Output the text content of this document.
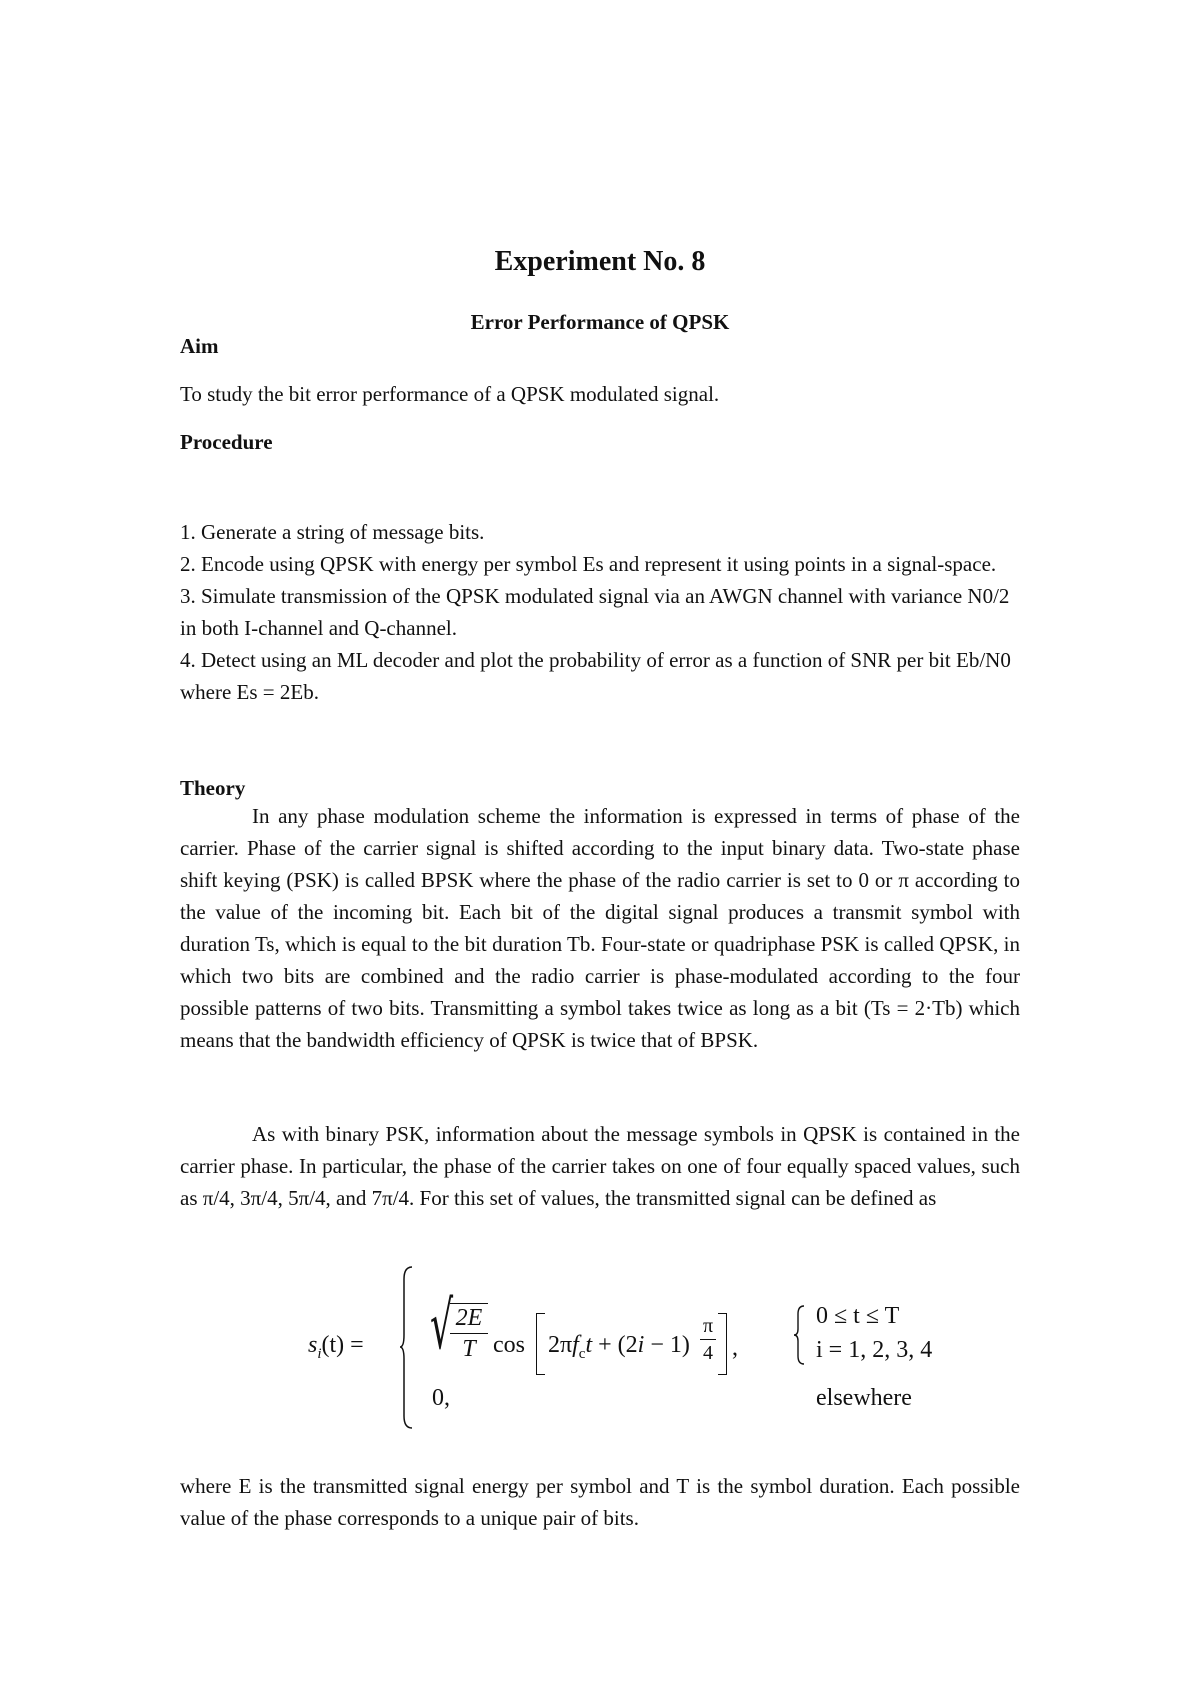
Experiment No. 8
Error Performance of QPSK
Aim
To study the bit error performance of a QPSK modulated signal.
Procedure
1. Generate a string of message bits.
2. Encode using QPSK with energy per symbol Es and represent it using points in a signal-space.
3. Simulate transmission of the QPSK modulated signal via an AWGN channel with variance N0/2 in both I-channel and Q-channel.
4. Detect using an ML decoder and plot the probability of error as a function of SNR per bit Eb/N0 where Es = 2Eb.
Theory
In any phase modulation scheme the information is expressed in terms of phase of the carrier. Phase of the carrier signal is shifted according to the input binary data. Two-state phase shift keying (PSK) is called BPSK where the phase of the radio carrier is set to 0 or π according to the value of the incoming bit. Each bit of the digital signal produces a transmit symbol with duration Ts, which is equal to the bit duration Tb. Four-state or quadriphase PSK is called QPSK, in which two bits are combined and the radio carrier is phase-modulated according to the four possible patterns of two bits. Transmitting a symbol takes twice as long as a bit (Ts = 2·Tb) which means that the bandwidth efficiency of QPSK is twice that of BPSK.
As with binary PSK, information about the message symbols in QPSK is contained in the carrier phase. In particular, the phase of the carrier takes on one of four equally spaced values, such as π/4, 3π/4, 5π/4, and 7π/4. For this set of values, the transmitted signal can be defined as
$s_i(t)$ = √ 2E
T $\cos 2\pi f_ct + (2i - 1)$
π
4 ,
0,
0 ≤ t ≤ T
i = 1, 2, 3, 4
elsewhere
where E is the transmitted signal energy per symbol and T is the symbol duration. Each possible value of the phase corresponds to a unique pair of bits.
